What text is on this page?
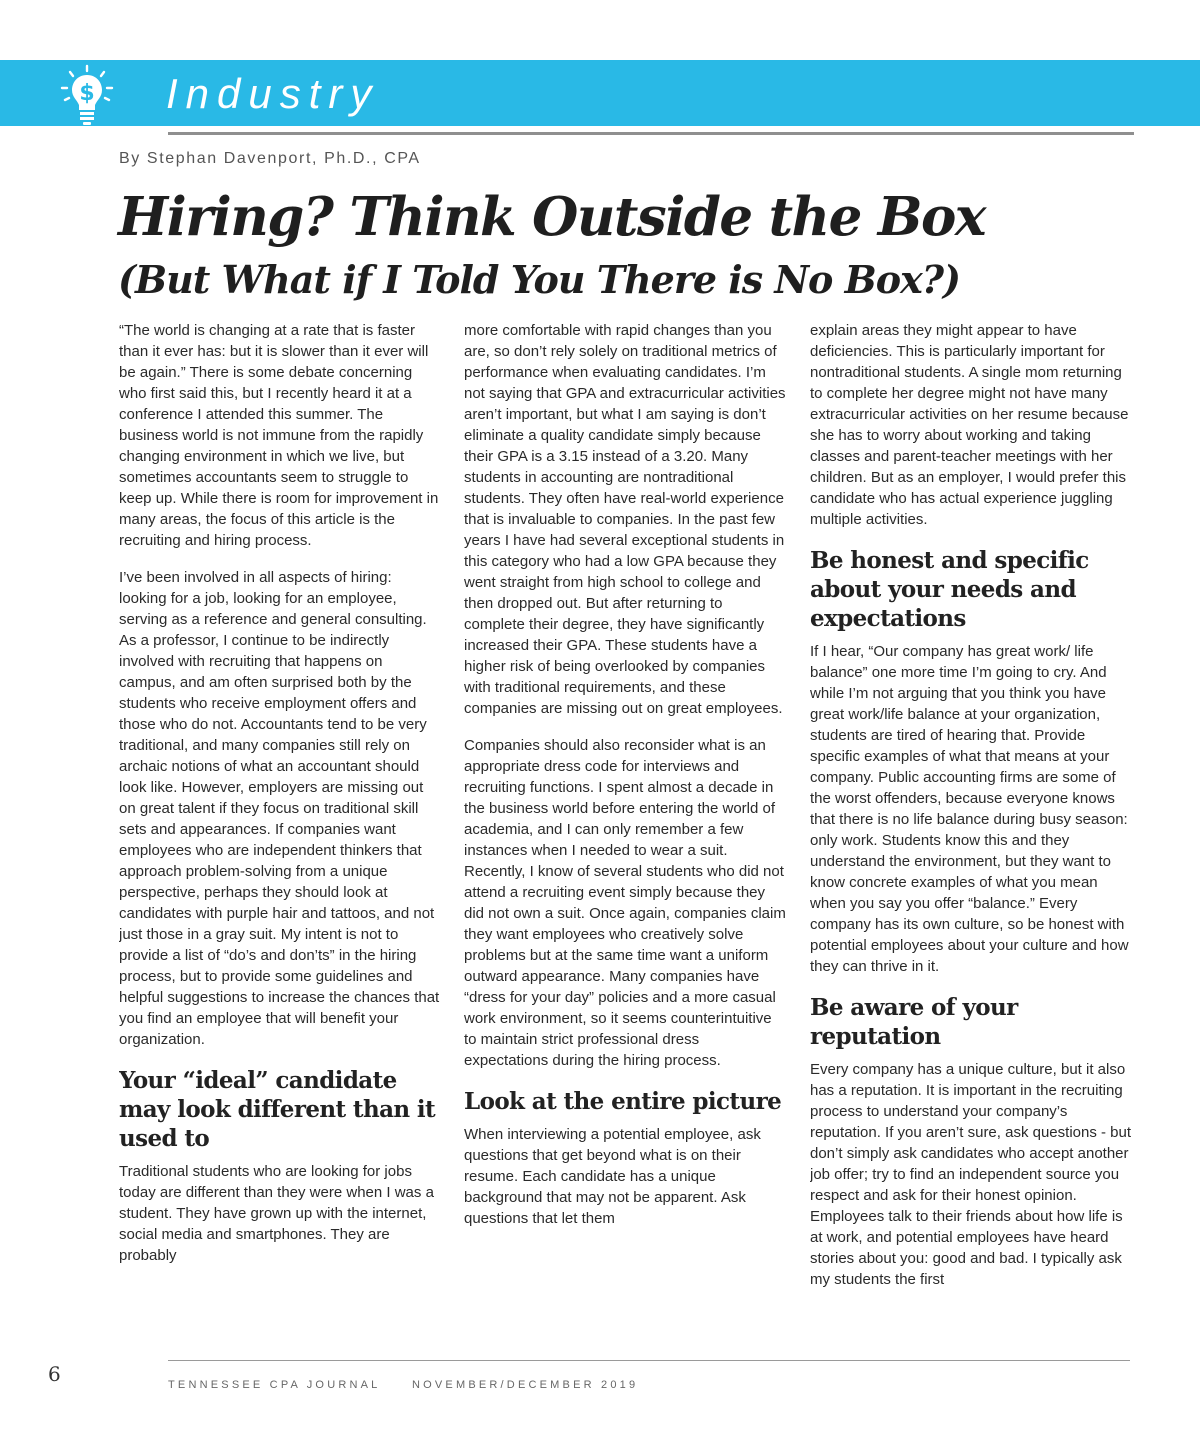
$ Industry
By Stephan Davenport, Ph.D., CPA
Hiring? Think Outside the Box
(But What if I Told You There is No Box?)

“The world is changing at a rate that is faster than it ever has: but it is slower than it ever will be again.” There is some debate concerning who first said this, but I recently heard it at a conference I attended this summer. The business world is not immune from the rapidly changing environment in which we live, but sometimes accountants seem to struggle to keep up. While there is room for improvement in many areas, the focus of this article is the recruiting and hiring process.

I’ve been involved in all aspects of hiring: looking for a job, looking for an employee, serving as a reference and general consulting. As a professor, I continue to be indirectly involved with recruiting that happens on campus, and am often surprised both by the students who receive employment offers and those who do not. Accountants tend to be very traditional, and many companies still rely on archaic notions of what an accountant should look like. However, employers are missing out on great talent if they focus on traditional skill sets and appearances. If companies want employees who are independent thinkers that approach problem-solving from a unique perspective, perhaps they should look at candidates with purple hair and tattoos, and not just those in a gray suit. My intent is not to provide a list of “do’s and don’ts” in the hiring process, but to provide some guidelines and helpful suggestions to increase the chances that you find an employee that will benefit your organization.

Your “ideal” candidate may look different than it used to

Traditional students who are looking for jobs today are different than they were when I was a student. They have grown up with the internet, social media and smartphones. They are probably

more comfortable with rapid changes than you are, so don’t rely solely on traditional metrics of performance when evaluating candidates. I’m not saying that GPA and extracurricular activities aren’t important, but what I am saying is don’t eliminate a quality candidate simply because their GPA is a 3.15 instead of a 3.20. Many students in accounting are nontraditional students. They often have real-world experience that is invaluable to companies. In the past few years I have had several exceptional students in this category who had a low GPA because they went straight from high school to college and then dropped out. But after returning to complete their degree, they have significantly increased their GPA. These students have a higher risk of being overlooked by companies with traditional requirements, and these companies are missing out on great employees.

Companies should also reconsider what is an appropriate dress code for interviews and recruiting functions. I spent almost a decade in the business world before entering the world of academia, and I can only remember a few instances when I needed to wear a suit. Recently, I know of several students who did not attend a recruiting event simply because they did not own a suit. Once again, companies claim they want employees who creatively solve problems but at the same time want a uniform outward appearance. Many companies have “dress for your day” policies and a more casual work environment, so it seems counterintuitive to maintain strict professional dress expectations during the hiring process.

Look at the entire picture

When interviewing a potential employee, ask questions that get beyond what is on their resume. Each candidate has a unique background that may not be apparent. Ask questions that let them

explain areas they might appear to have deficiencies. This is particularly important for nontraditional students. A single mom returning to complete her degree might not have many extracurricular activities on her resume because she has to worry about working and taking classes and parent-teacher meetings with her children. But as an employer, I would prefer this candidate who has actual experience juggling multiple activities.

Be honest and specific about your needs and expectations

If I hear, “Our company has great work/ life balance” one more time I’m going to cry. And while I’m not arguing that you think you have great work/life balance at your organization, students are tired of hearing that. Provide specific examples of what that means at your company. Public accounting firms are some of the worst offenders, because everyone knows that there is no life balance during busy season: only work. Students know this and they understand the environment, but they want to know concrete examples of what you mean when you say you offer “balance.” Every company has its own culture, so be honest with potential employees about your culture and how they can thrive in it.

Be aware of your reputation

Every company has a unique culture, but it also has a reputation. It is important in the recruiting process to understand your company’s reputation. If you aren’t sure, ask questions - but don’t simply ask candidates who accept another job offer; try to find an independent source you respect and ask for their honest opinion. Employees talk to their friends about how life is at work, and potential employees have heard stories about you: good and bad. I typically ask my students the first

6	TENNESSEE CPA JOURNAL	NOVEMBER/DECEMBER 2019
